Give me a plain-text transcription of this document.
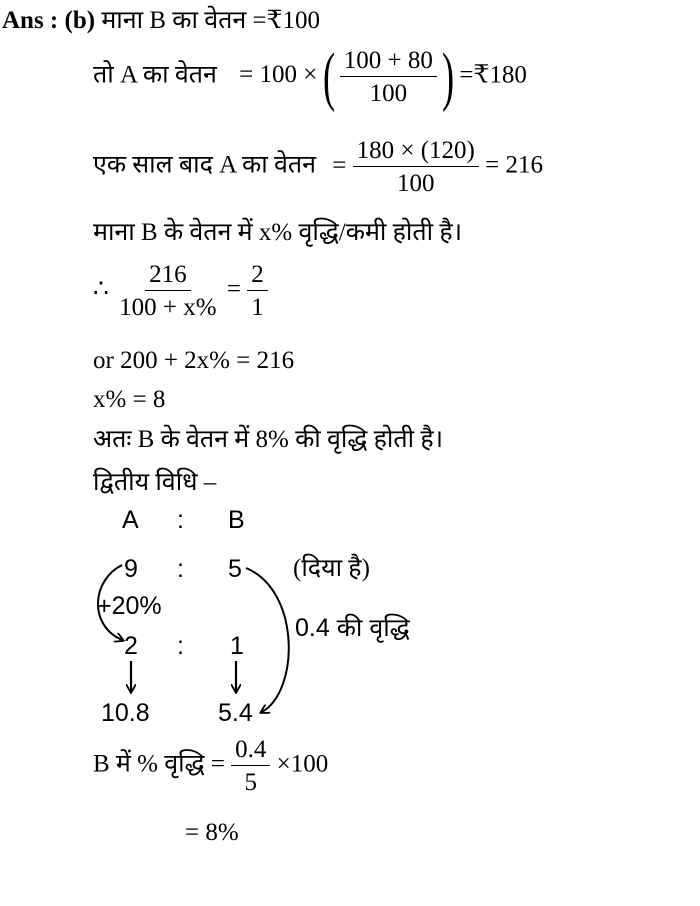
Ans : (b) माना B का वेतन =₹100
तो A का वेतन = 100 × ( $\frac{100 + 80}{100}$ ) =₹180
एक साल बाद A का वेतन = $\frac{180 \times (120)}{100} = 216$
माना B के वेतन में x% वृद्धि/कमी होती है।
∴ $\frac{216}{100 + x\%} = \frac{2}{1}$
or 200 + 2x% = 216
x% = 8
अतः B के वेतन में 8% की वृद्धि होती है।
द्वितीय विधि –
A : B
9 : 5 (दिया है)
+20%
2 : 1
0.4 की वृद्धि
10.8	5.4
B में % वृद्धि = $\frac{0.4}{5} \times 100$
= 8%
